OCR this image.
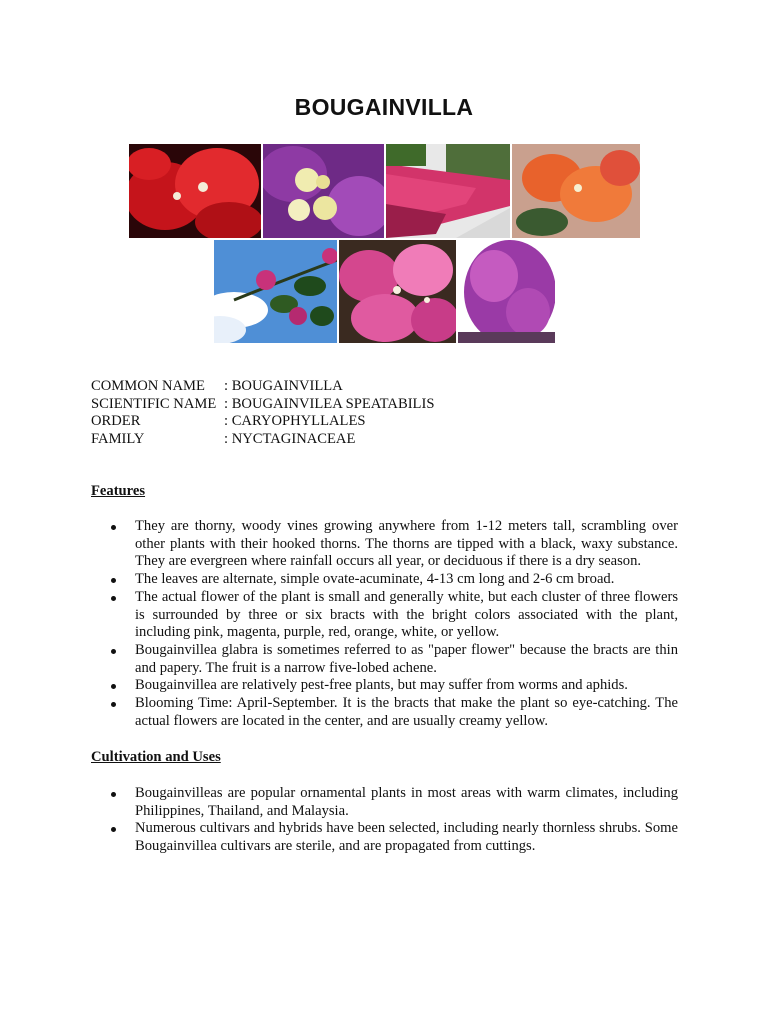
BOUGAINVILLA
COMMON NAME : BOUGAINVILLA
SCIENTIFIC NAME : BOUGAINVILEA SPEATABILIS
ORDER	: CARYOPHYLLALES
FAMILY	: NYCTAGINACEAE
Features
They are thorny, woody vines growing anywhere from 1-12 meters tall, scrambling over other plants with their hooked thorns. The thorns are tipped with a black, waxy substance. They are evergreen where rainfall occurs all year, or deciduous if there is a dry season.
The leaves are alternate, simple ovate-acuminate, 4-13 cm long and 2-6 cm broad.
The actual flower of the plant is small and generally white, but each cluster of three flowers is surrounded by three or six bracts with the bright colors associated with the plant, including pink, magenta, purple, red, orange, white, or yellow.
Bougainvillea glabra is sometimes referred to as "paper flower" because the bracts are thin and papery. The fruit is a narrow five-lobed achene.
Bougainvillea are relatively pest-free plants, but may suffer from worms and aphids.
Blooming Time: April-September. It is the bracts that make the plant so eye-catching. The actual flowers are located in the center, and are usually creamy yellow.
Cultivation and Uses
Bougainvilleas are popular ornamental plants in most areas with warm climates, including Philippines, Thailand, and Malaysia.
Numerous cultivars and hybrids have been selected, including nearly thornless shrubs. Some Bougainvillea cultivars are sterile, and are propagated from cuttings.
